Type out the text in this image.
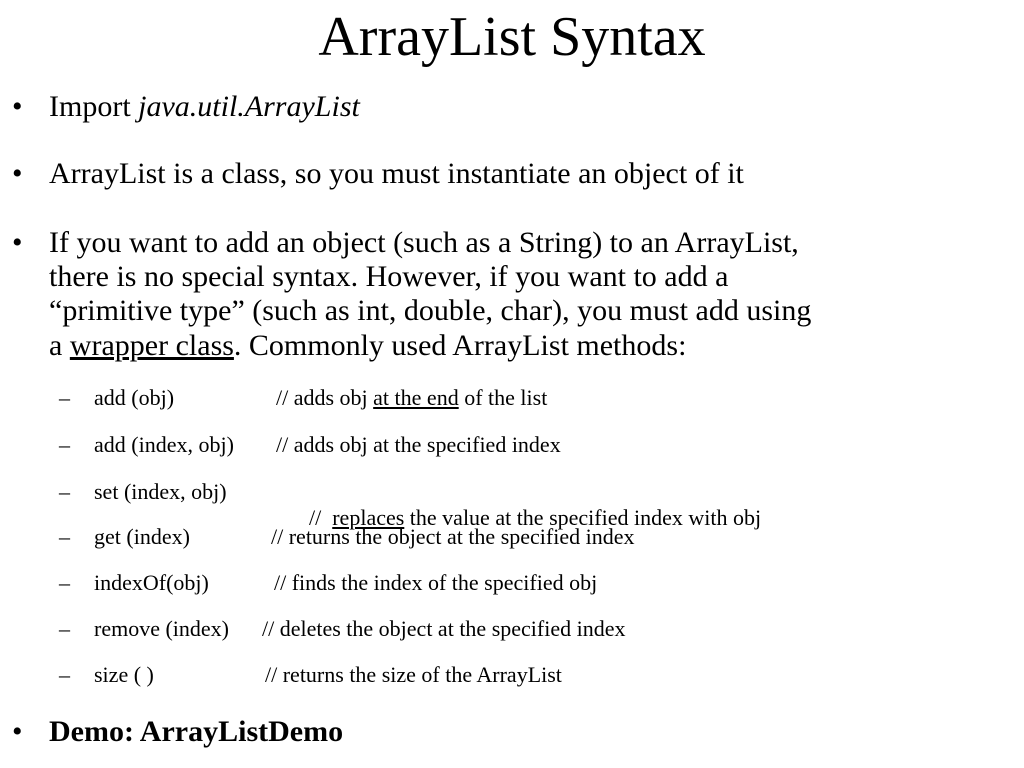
ArrayList Syntax
• Import java.util.ArrayList
• ArrayList is a class, so you must instantiate an object of it
• If you want to add an object (such as a String) to an ArrayList,
there is no special syntax. However, if you want to add a
“primitive type” (such as int, double, char), you must add using
a wrapper class. Commonly used ArrayList methods:
– add (obj)	// adds obj at the end of the list
– add (index, obj) // adds obj at the specified index
– set (index, obj)

//  replaces the value at the specified index with obj

– get (index)	// returns the object at the specified index
– indexOf(obj)	// finds the index of the specified obj
– remove (index) // deletes the object at the specified index
– size ( )	// returns the size of the ArrayList
• Demo: ArrayListDemo
